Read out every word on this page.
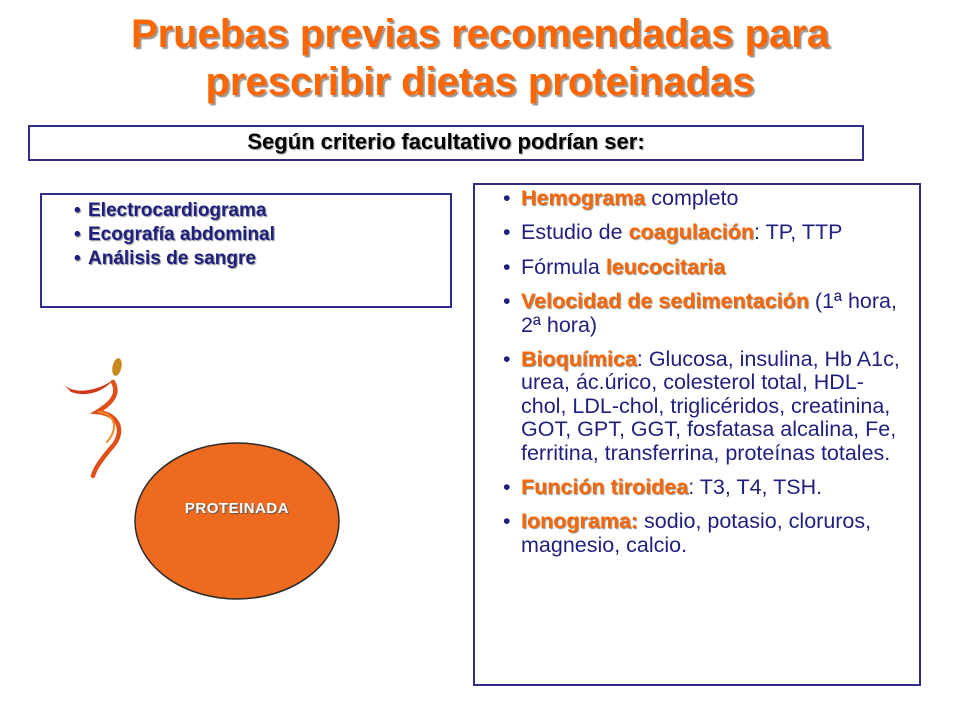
Pruebas previas recomendadas para
prescribir dietas proteinadas
Según criterio facultativo podrían ser:
• Electrocardiograma
• Ecografía abdominal
• Análisis de sangre
PROTEINADA
• Hemograma completo
• Estudio de coagulación: TP, TTP
• Fórmula leucocitaria
• Velocidad de sedimentación (1ª hora, 2ª hora)
• Bioquímica: Glucosa, insulina, Hb A1c, urea, ác.úrico, colesterol total, HDL-chol, LDL-chol, triglicéridos, creatinina, GOT, GPT, GGT, fosfatasa alcalina, Fe, ferritina, transferrina, proteínas totales.
• Función tiroidea: T3, T4, TSH.
• Ionograma: sodio, potasio, cloruros, magnesio, calcio.
